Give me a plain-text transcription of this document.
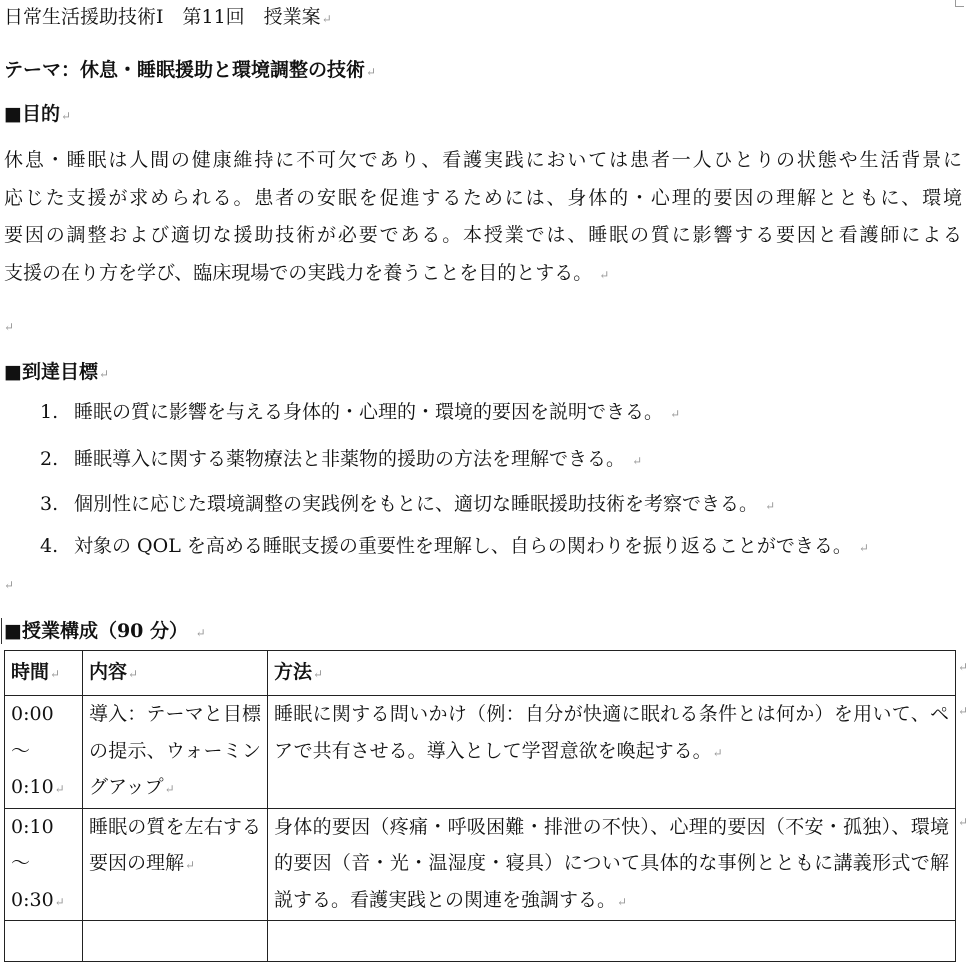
日常生活援助技術Ⅰ　第11回　授業案↵
テーマ：休息・睡眠援助と環境調整の技術↵
■目的↵

休息・睡眠は人間の健康維持に不可欠であり、看護実践においては患者一人ひとりの状態や生活背景に
応じた支援が求められる。患者の安眠を促進するためには、身体的・心理的要因の理解とともに、環境
要因の調整および適切な援助技術が必要である。本授業では、睡眠の質に影響する要因と看護師による
支援の在り方を学び、臨床現場での実践力を養うことを目的とする。 ↵

↵
■到達目標↵
1. 睡眠の質に影響を与える身体的・心理的・環境的要因を説明できる。 ↵
2. 睡眠導入に関する薬物療法と非薬物的援助の方法を理解できる。 ↵
3. 個別性に応じた環境調整の実践例をもとに、適切な睡眠援助技術を考察できる。 ↵
4. 対象の QOL を高める睡眠支援の重要性を理解し、自らの関わりを振り返ることができる。 ↵
↵
■授業構成（90 分） ↵
時間↵	内容↵	方法↵

0:00
～
0:10↵	導入：テーマと目標の提示、ウォーミングアップ↵	睡眠に関する問いかけ（例：自分が快適に眠れる条件とは何か）を用いて、ペアで共有させる。導入として学習意欲を喚起する。↵

0:10
～
0:30↵	睡眠の質を左右する要因の理解↵	身体的要因（疼痛・呼吸困難・排泄の不快）、心理的要因（不安・孤独）、環境的要因（音・光・温湿度・寝具）について具体的な事例とともに講義形式で解説する。看護実践との関連を強調する。↵

↵
↵
↵
